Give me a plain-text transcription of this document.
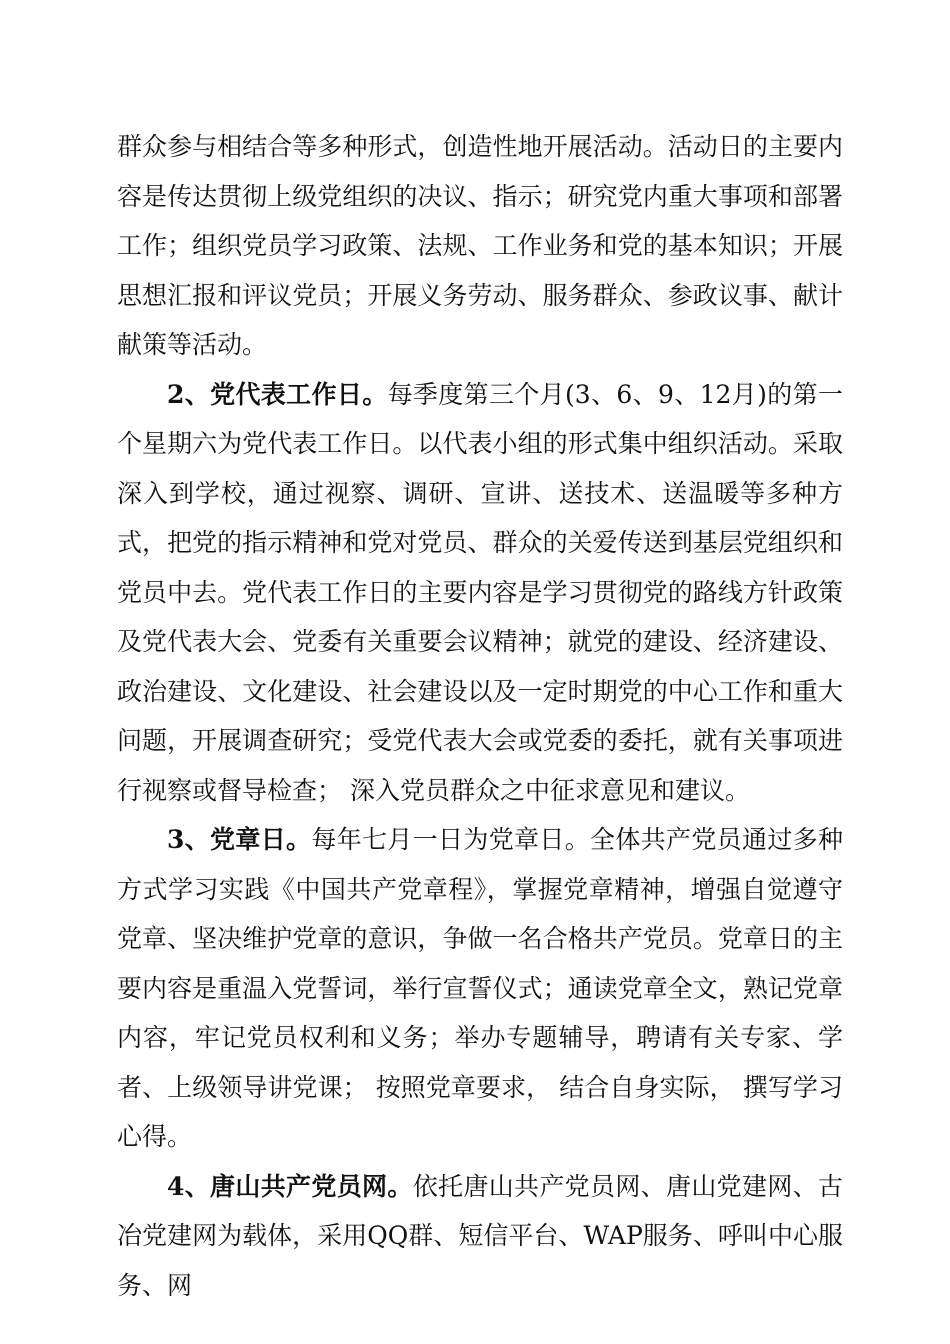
群众参与相结合等多种形式，创造性地开展活动。活动日的主要内容是传达贯彻上级党组织的决议、指示；研究党内重大事项和部署工作；组织党员学习政策、法规、工作业务和党的基本知识；开展思想汇报和评议党员；开展义务劳动、服务群众、参政议事、献计献策等活动。

2、党代表工作日。每季度第三个月(3、6、9、12月)的第一个星期六为党代表工作日。以代表小组的形式集中组织活动。采取深入到学校，通过视察、调研、宣讲、送技术、送温暖等多种方式，把党的指示精神和党对党员、群众的关爱传送到基层党组织和党员中去。党代表工作日的主要内容是学习贯彻党的路线方针政策及党代表大会、党委有关重要会议精神；就党的建设、经济建设、政治建设、文化建设、社会建设以及一定时期党的中心工作和重大问题，开展调查研究；受党代表大会或党委的委托，就有关事项进行视察或督导检查； 深入党员群众之中征求意见和建议。

3、党章日。每年七月一日为党章日。全体共产党员通过多种方式学习实践《中国共产党章程》，掌握党章精神，增强自觉遵守党章、坚决维护党章的意识，争做一名合格共产党员。党章日的主要内容是重温入党誓词，举行宣誓仪式；通读党章全文，熟记党章内容，牢记党员权利和义务；举办专题辅导，聘请有关专家、学者、上级领导讲党课； 按照党章要求， 结合自身实际， 撰写学习心得。

4、唐山共产党员网。依托唐山共产党员网、唐山党建网、古冶党建网为载体，采用QQ群、短信平台、WAP服务、呼叫中心服务、网
